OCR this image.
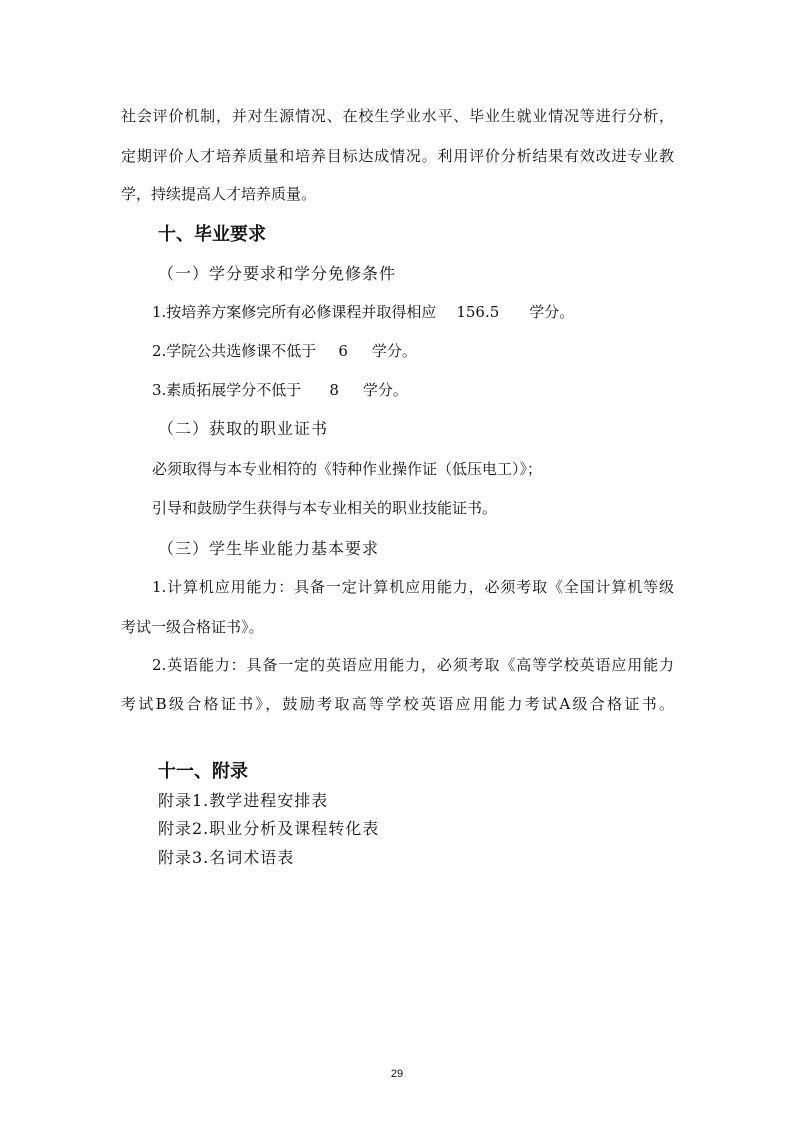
社会评价机制，并对生源情况、在校生学业水平、毕业生就业情况等进行分析，
定期评价人才培养质量和培养目标达成情况。利用评价分析结果有效改进专业教
学，持续提高人才培养质量。
十、毕业要求
（一）学分要求和学分免修条件
1.按培养方案修完所有必修课程并取得相应 156.5 学分。
2.学院公共选修课不低于 6 学分。
3.素质拓展学分不低于 8 学分。
（二）获取的职业证书
必须取得与本专业相符的《特种作业操作证（低压电工）》；
引导和鼓励学生获得与本专业相关的职业技能证书。
（三）学生毕业能力基本要求
1.计算机应用能力：具备一定计算机应用能力，必须考取《全国计算机等级
考试一级合格证书》。
2.英语能力：具备一定的英语应用能力，必须考取《高等学校英语应用能力
考试B级合格证书》，鼓励考取高等学校英语应用能力考试A级合格证书。
十一、附录
附录1.教学进程安排表
附录2.职业分析及课程转化表
附录3.名词术语表
29
